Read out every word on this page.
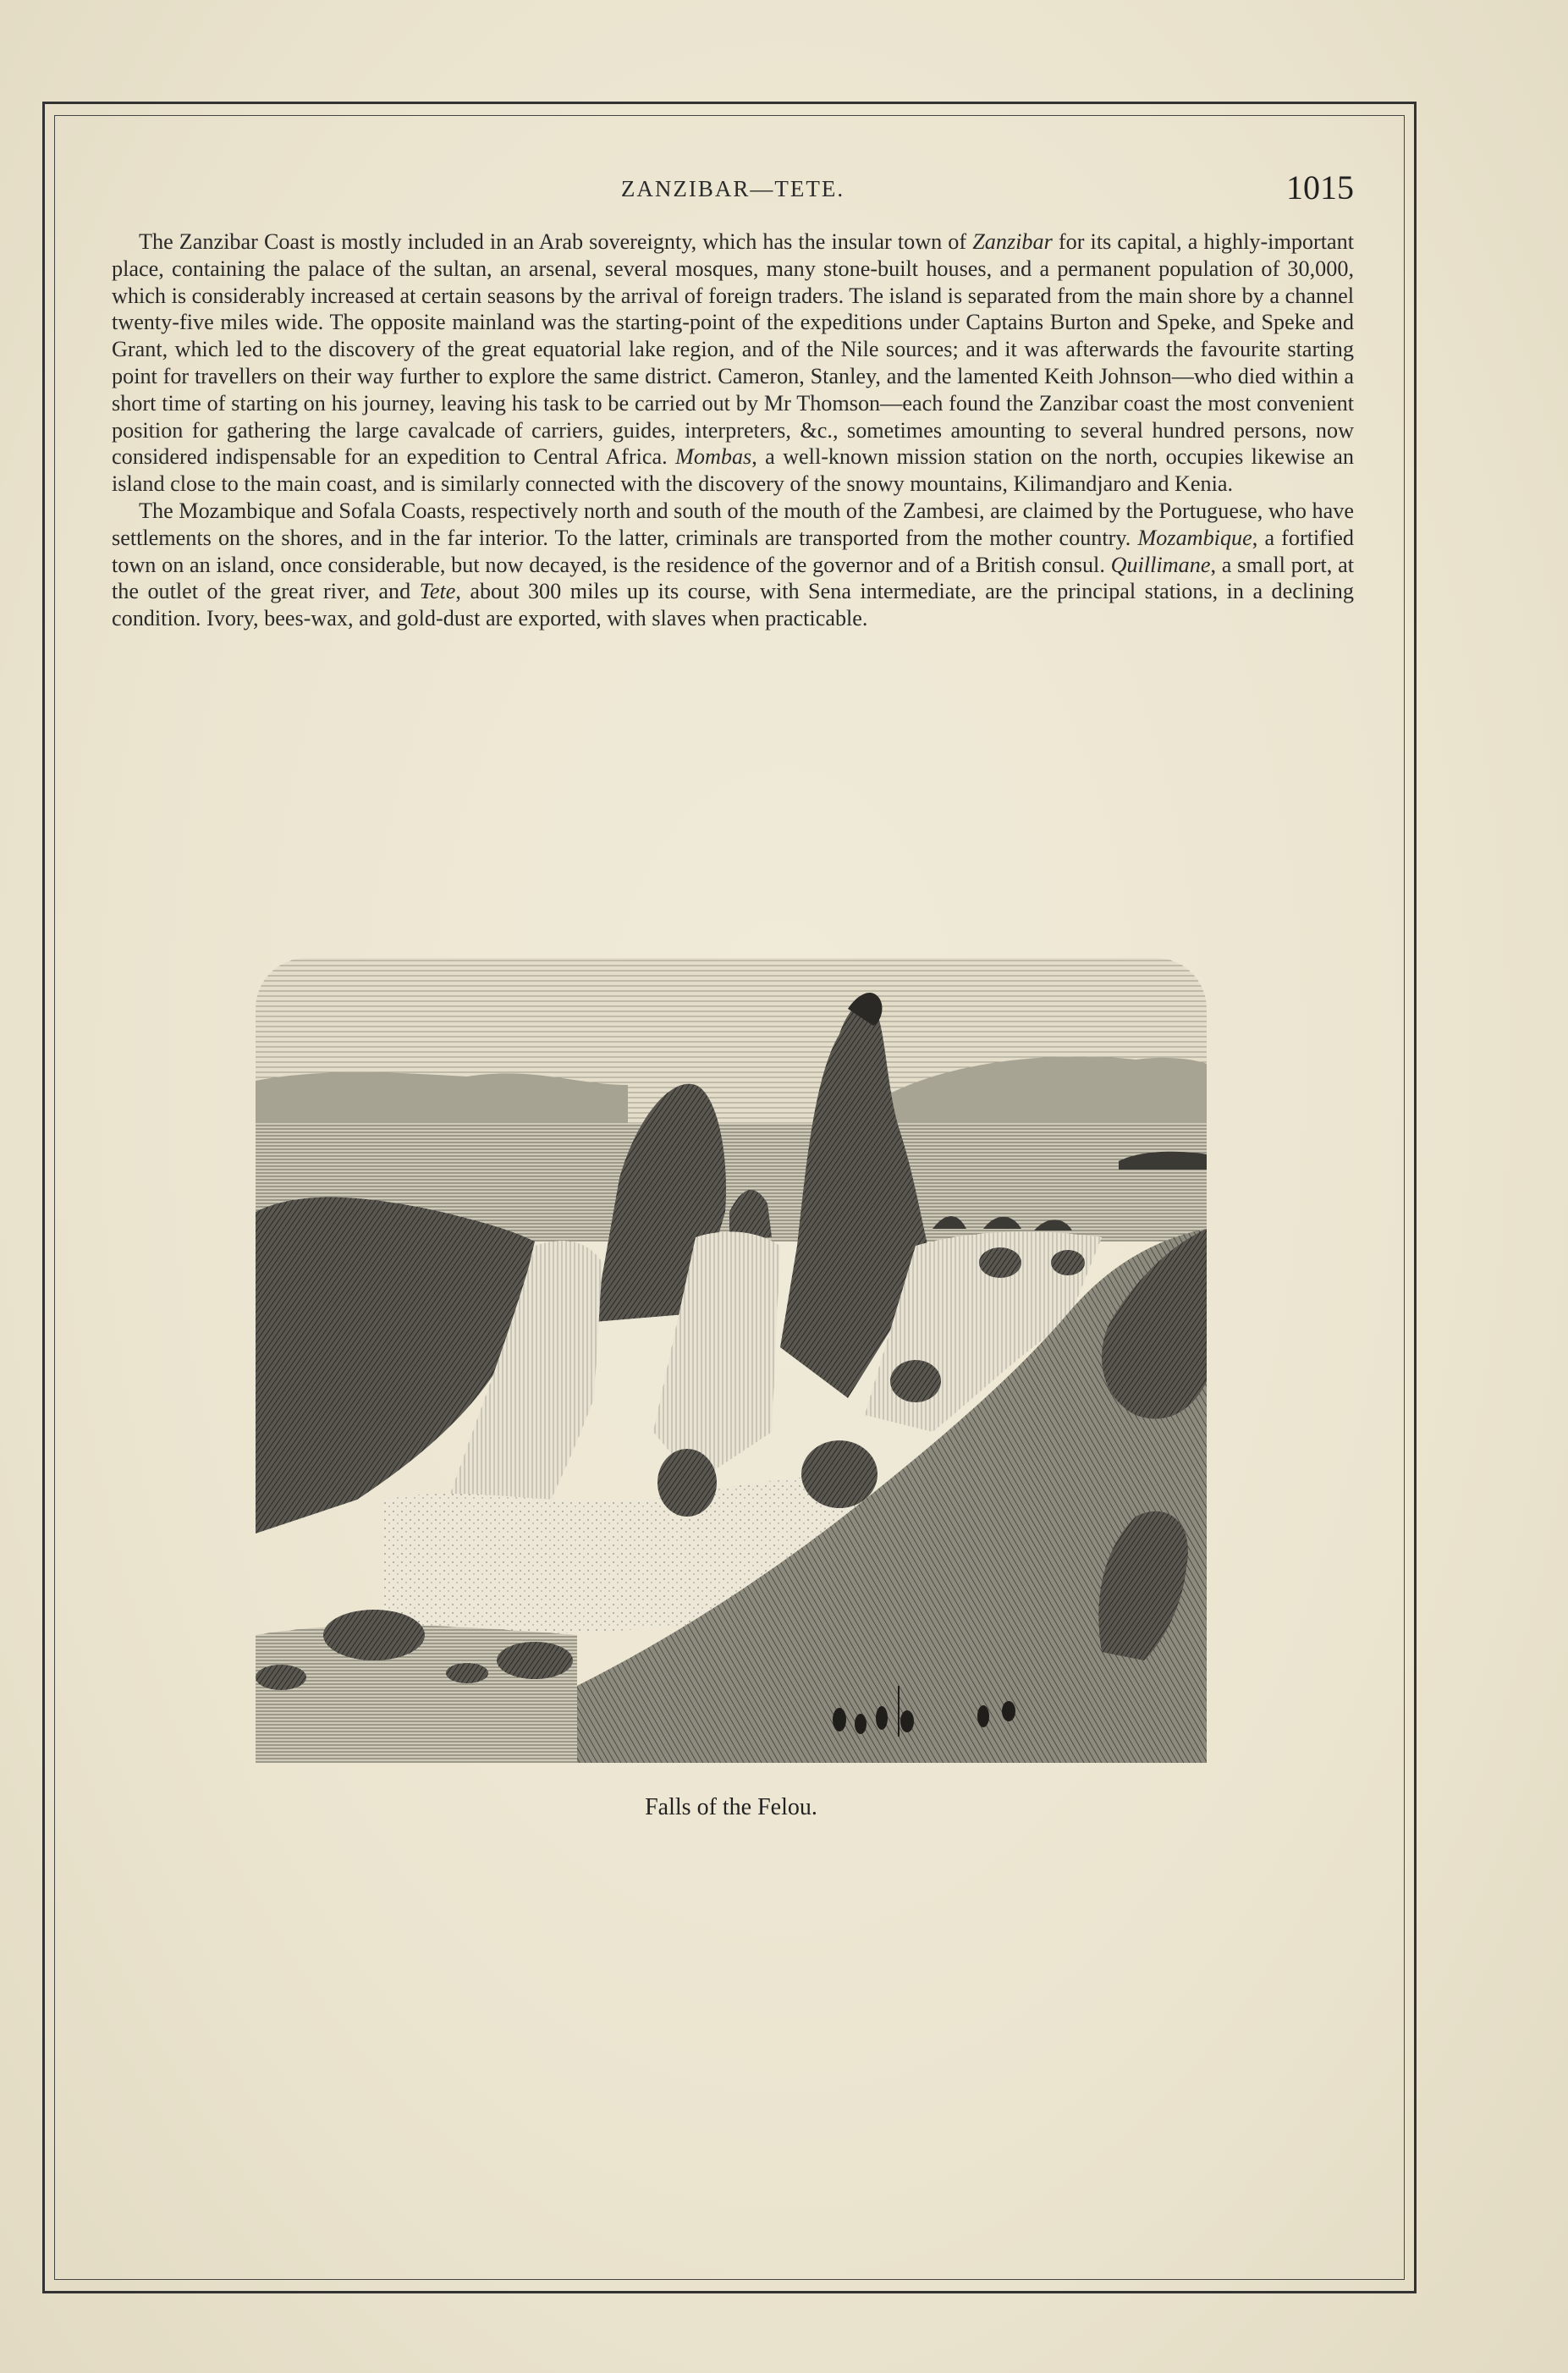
ZANZIBAR—TETE.	1015

The Zanzibar Coast is mostly included in an Arab sovereignty, which has the insular town of Zanzibar for its capital, a highly-important place, containing the palace of the sultan, an arsenal, several mosques, many stone-built houses, and a permanent population of 30,000, which is considerably increased at certain seasons by the arrival of foreign traders. The island is separated from the main shore by a channel twenty-five miles wide. The opposite mainland was the starting-point of the expeditions under Captains Burton and Speke, and Speke and Grant, which led to the discovery of the great equatorial lake region, and of the Nile sources; and it was afterwards the favourite starting point for travellers on their way further to explore the same district. Cameron, Stanley, and the lamented Keith Johnson—who died within a short time of starting on his journey, leaving his task to be carried out by Mr Thomson—each found the Zanzibar coast the most convenient position for gathering the large cavalcade of carriers, guides, interpreters, &c., sometimes amounting to several hundred persons, now considered indispensable for an expedition to Central Africa. Mombas, a well-known mission station on the north, occupies likewise an island close to the main coast, and is similarly connected with the discovery of the snowy mountains, Kilimandjaro and Kenia.

The Mozambique and Sofala Coasts, respectively north and south of the mouth of the Zambesi, are claimed by the Portuguese, who have settlements on the shores, and in the far interior. To the latter, criminals are transported from the mother country. Mozambique, a fortified town on an island, once considerable, but now decayed, is the residence of the governor and of a British consul. Quillimane, a small port, at the outlet of the great river, and Tete, about 300 miles up its course, with Sena intermediate, are the principal stations, in a declining condition. Ivory, bees-wax, and gold-dust are exported, with slaves when practicable.

Falls of the Felou.
